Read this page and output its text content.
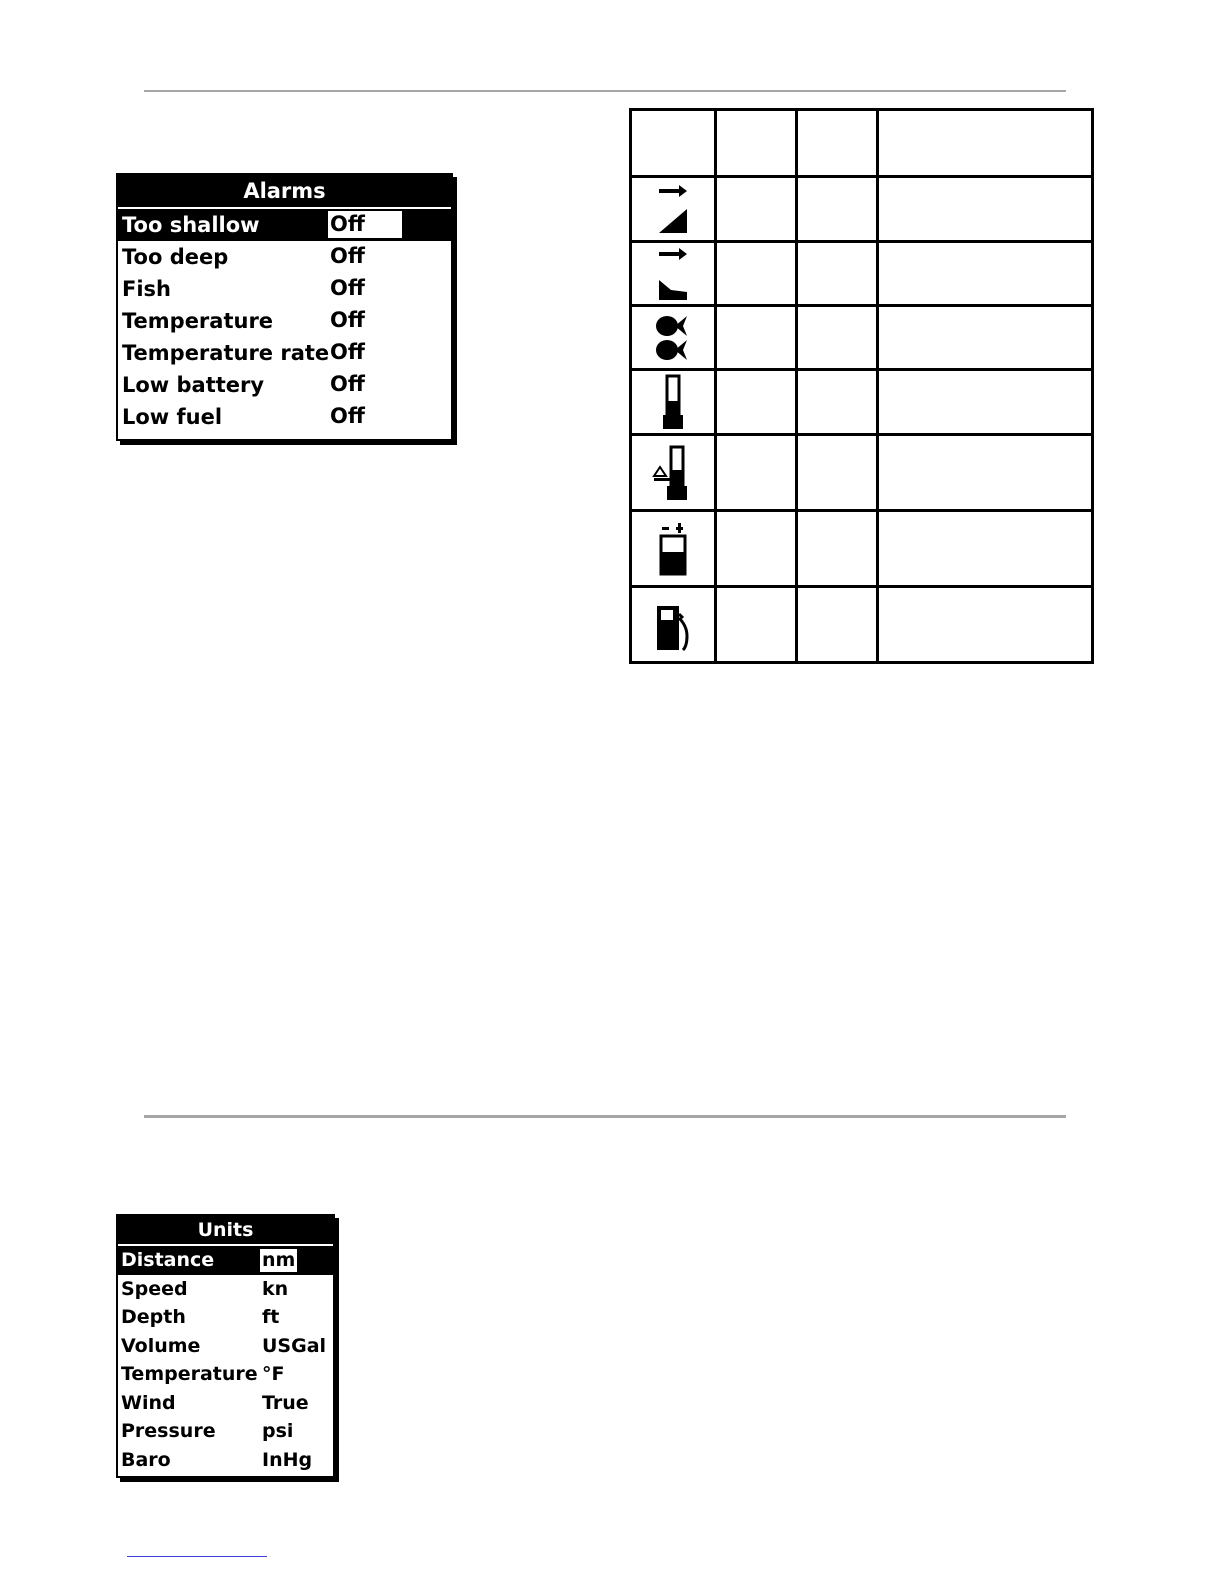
Alarms
Too shallow	Off
Too deep	Off
Fish	Off
Temperature	Off
Temperature rate Off
Low battery	Off
Low fuel	Off

Units
Distance	nm
Speed	kn
Depth	ft
Volume	USGal
Temperature °F
Wind	True
Pressure psi
Baro	InHg
